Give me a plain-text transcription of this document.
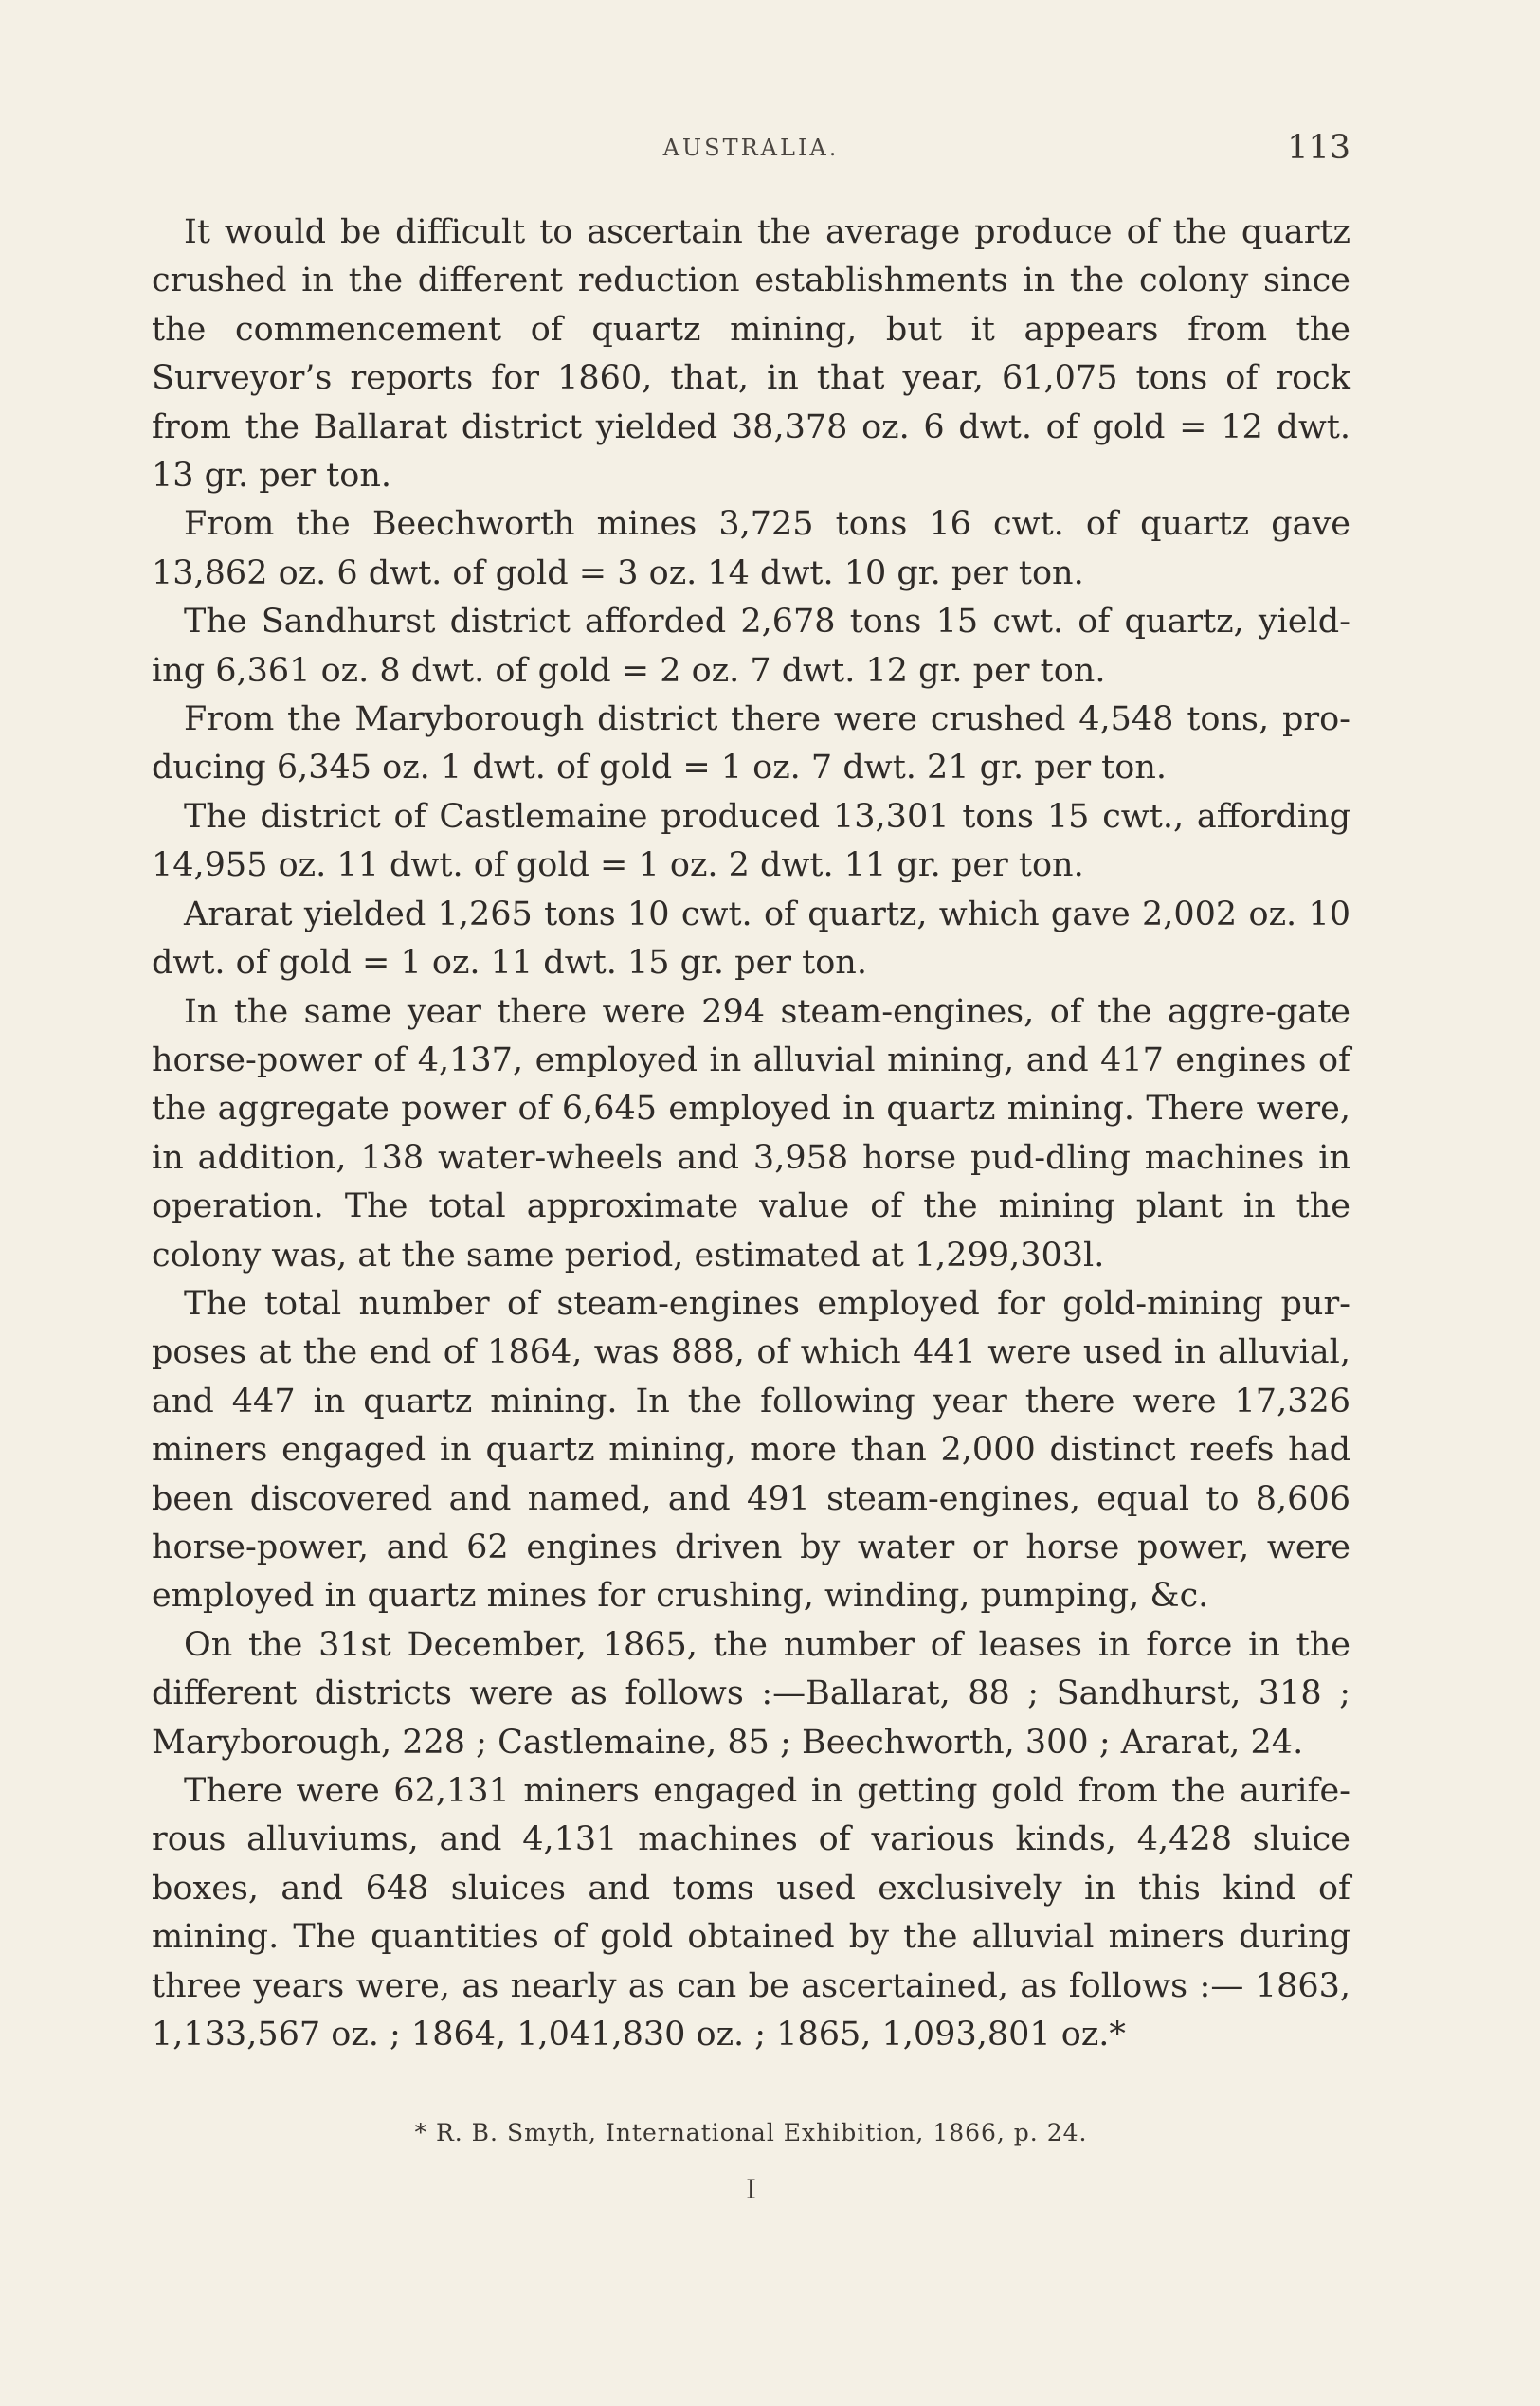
AUSTRALIA.	113

It would be difficult to ascertain the average produce of the quartz crushed in the different reduction establishments in the colony since the commencement of quartz mining, but it appears from the Surveyor’s reports for 1860, that, in that year, 61,075 tons of rock from the Ballarat district yielded 38,378 oz. 6 dwt. of gold = 12 dwt. 13 gr. per ton.

From the Beechworth mines 3,725 tons 16 cwt. of quartz gave 13,862 oz. 6 dwt. of gold = 3 oz. 14 dwt. 10 gr. per ton.

The Sandhurst district afforded 2,678 tons 15 cwt. of quartz, yield-ing 6,361 oz. 8 dwt. of gold = 2 oz. 7 dwt. 12 gr. per ton.

From the Maryborough district there were crushed 4,548 tons, pro-ducing 6,345 oz. 1 dwt. of gold = 1 oz. 7 dwt. 21 gr. per ton.

The district of Castlemaine produced 13,301 tons 15 cwt., affording 14,955 oz. 11 dwt. of gold = 1 oz. 2 dwt. 11 gr. per ton.

Ararat yielded 1,265 tons 10 cwt. of quartz, which gave 2,002 oz. 10 dwt. of gold = 1 oz. 11 dwt. 15 gr. per ton.

In the same year there were 294 steam-engines, of the aggre-gate horse-power of 4,137, employed in alluvial mining, and 417 engines of the aggregate power of 6,645 employed in quartz mining. There were, in addition, 138 water-wheels and 3,958 horse pud-dling machines in operation. The total approximate value of the mining plant in the colony was, at the same period, estimated at 1,299,303l.

The total number of steam-engines employed for gold-mining pur-poses at the end of 1864, was 888, of which 441 were used in alluvial, and 447 in quartz mining. In the following year there were 17,326 miners engaged in quartz mining, more than 2,000 distinct reefs had been discovered and named, and 491 steam-engines, equal to 8,606 horse-power, and 62 engines driven by water or horse power, were employed in quartz mines for crushing, winding, pumping, &c.

On the 31st December, 1865, the number of leases in force in the different districts were as follows :—Ballarat, 88 ; Sandhurst, 318 ; Maryborough, 228 ; Castlemaine, 85 ; Beechworth, 300 ; Ararat, 24.

There were 62,131 miners engaged in getting gold from the aurife-rous alluviums, and 4,131 machines of various kinds, 4,428 sluice boxes, and 648 sluices and toms used exclusively in this kind of mining. The quantities of gold obtained by the alluvial miners during three years were, as nearly as can be ascertained, as follows :— 1863, 1,133,567 oz. ; 1864, 1,041,830 oz. ; 1865, 1,093,801 oz.*

* R. B. Smyth, International Exhibition, 1866, p. 24.
I
